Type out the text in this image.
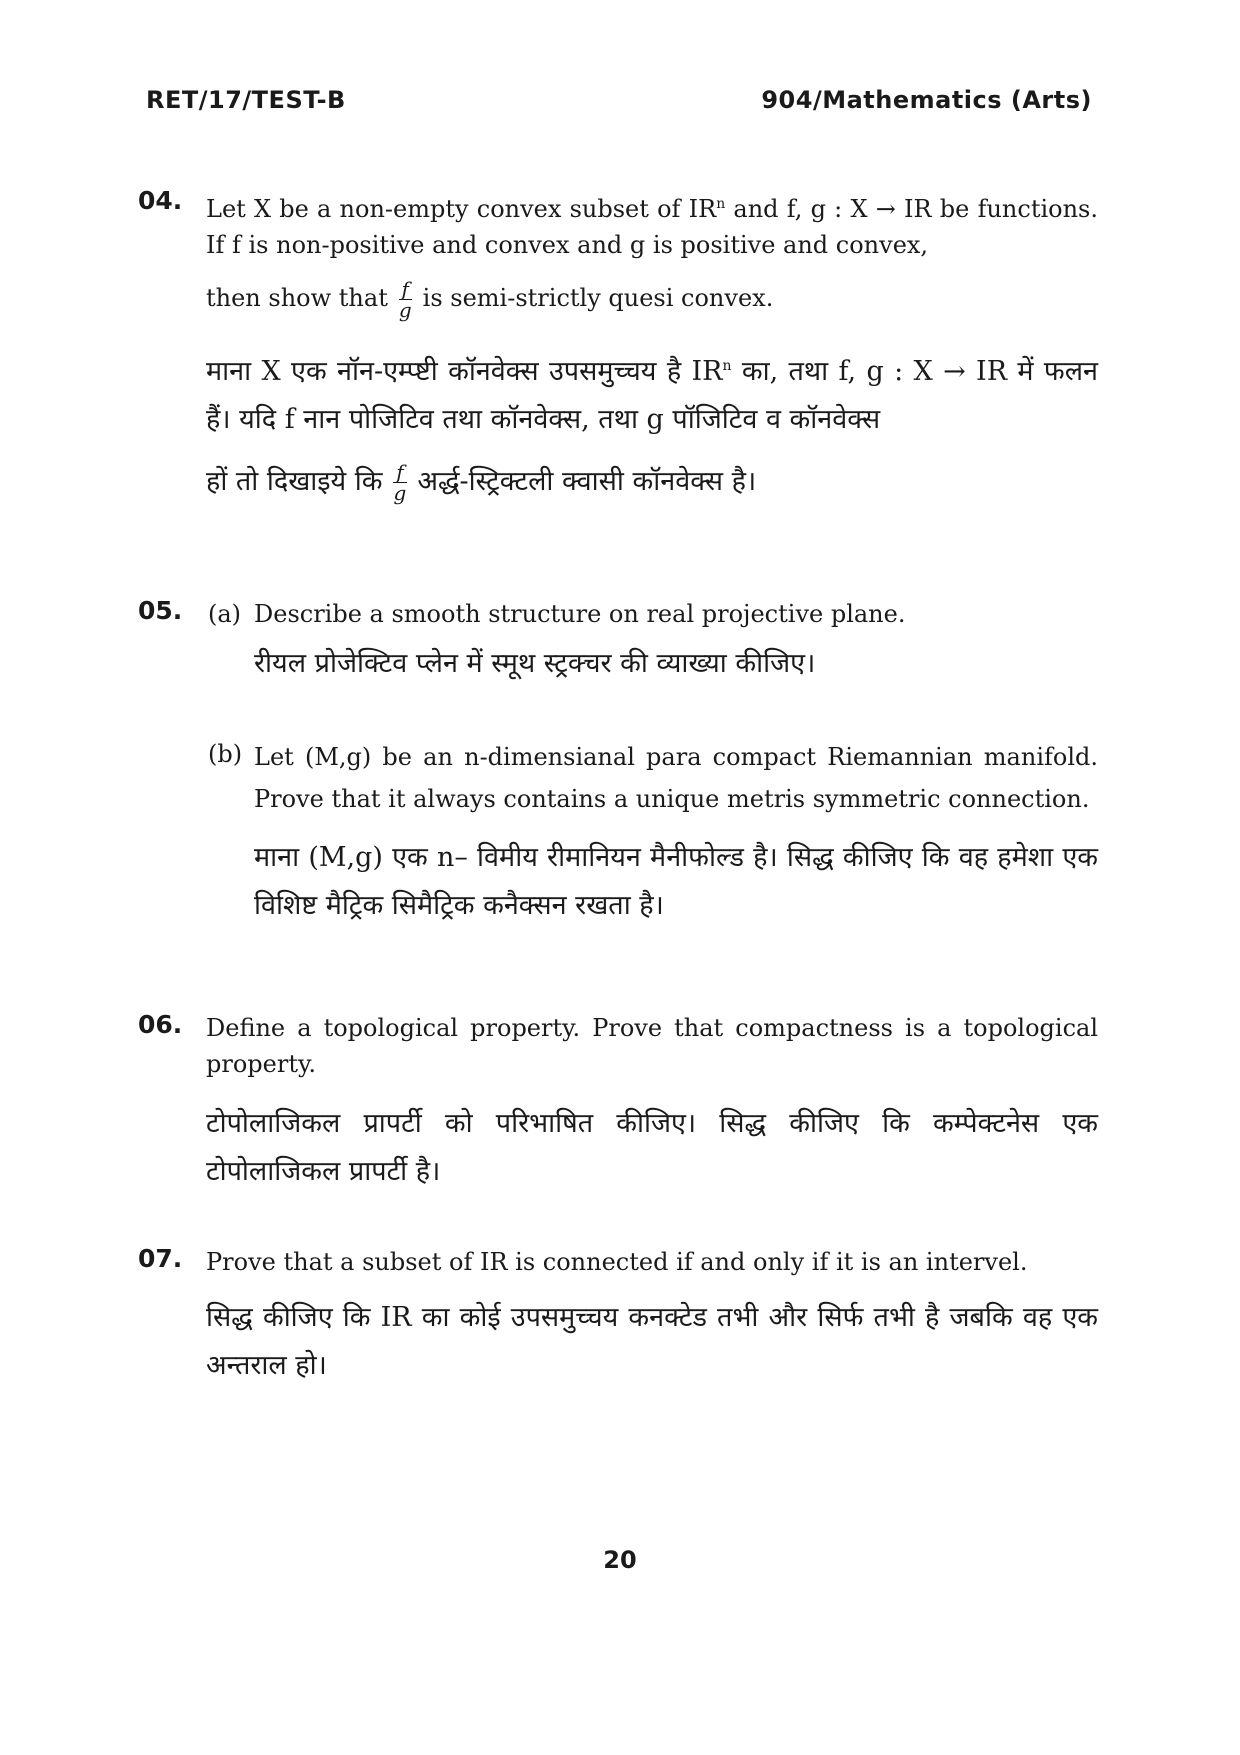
RET/17/TEST-B	904/Mathematics (Arts)
04. Let X be a non-empty convex subset of $IR^n$ and f, g : X → IR be functions. If f is non-positive and convex and g is positive and convex,

then show that $\frac{f}{g}$ is semi-strictly quesi convex.

माना X एक नॉन-एम्प्ष्टी कॉनवेक्स उपसमुच्चय है $IR^n$ का, तथा f, g : X → IR में फलन हैं। यदि f नान पोजिटिव तथा कॉनवेक्स, तथा g पॉजिटिव व कॉनवेक्स

हों तो दिखाइये कि $\frac{f}{g}$ अर्द्ध-स्ट्रिक्टली क्वासी कॉनवेक्स है।

05. (a) Describe a smooth structure on real projective plane.

रीयल प्रोजेक्टिव प्लेन में स्मूथ स्ट्रक्चर की व्याख्या कीजिए।

(b) Let (M,g) be an n-dimensianal para compact Riemannian manifold. Prove that it always contains a unique metris symmetric connection.

माना (M,g) एक n– विमीय रीमानियन मैनीफोल्ड है। सिद्ध कीजिए कि वह हमेशा एक विशिष्ट मैट्रिक सिमैट्रिक कनैक्सन रखता है।

06. Define a topological property. Prove that compactness is a topological property.

टोपोलाजिकल प्रापर्टी को परिभाषित कीजिए। सिद्ध कीजिए कि कम्पेक्टनेस एक टोपोलाजिकल प्रापर्टी है।

07. Prove that a subset of IR is connected if and only if it is an intervel.

सिद्ध कीजिए कि IR का कोई उपसमुच्चय कनक्टेड तभी और सिर्फ तभी है जबकि वह एक अन्तराल हो।

20
